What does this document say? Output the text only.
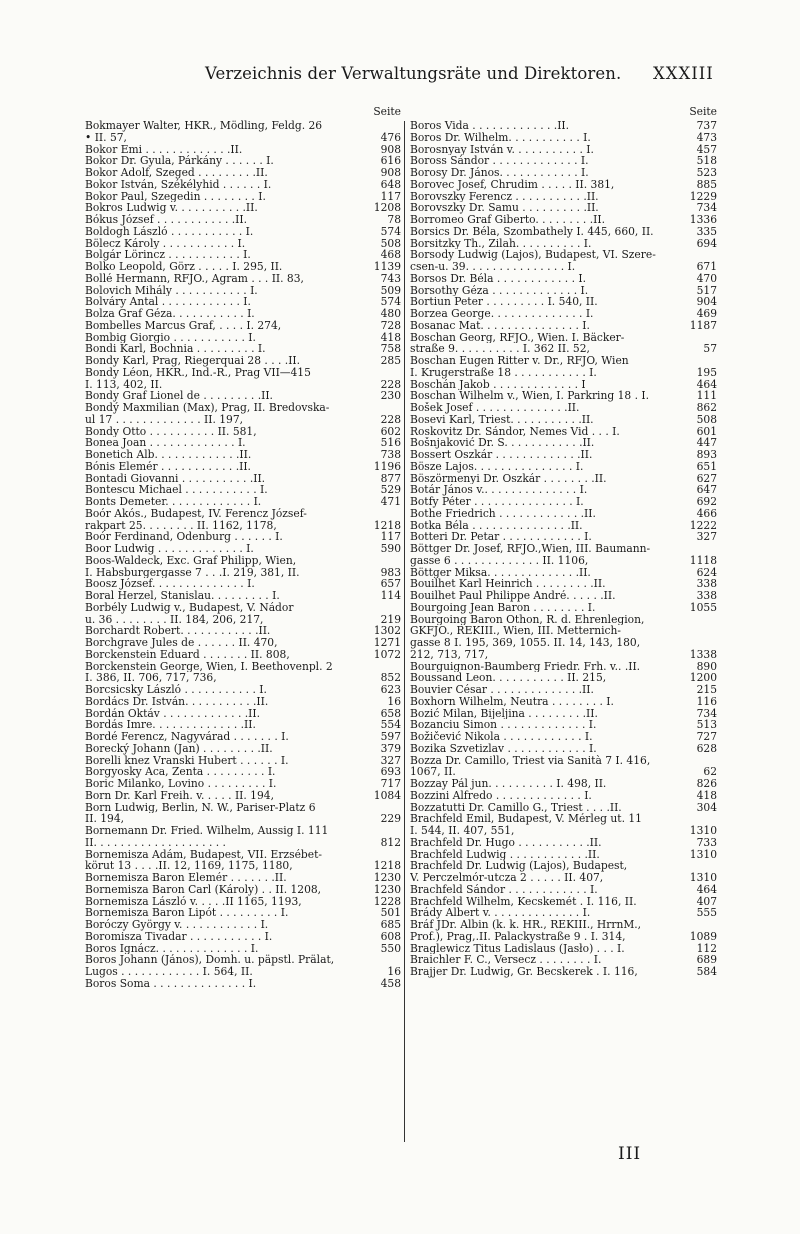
Verzeichnis der Verwaltungsräte und Direktoren. XXXIII
Seite
Bokmayer Walter, HKR., Mödling, Feldg. 26
• II. 57,	476
Bokor Emi . . . . . . . . . . . . .II.	908
Bokor Dr. Gyula, Párkány . . . . . . I.	616
Bokor Adolf, Szeged . . . . . . . . .II.	908
Bokor István, Székélyhid . . . . . . I.	648
Bokor Paul, Szegedin . . . . . . . . I.	117
Bokros Ludwig v. . . . . . . . . . .II.	1208
Bókus József . . . . . . . . . . . .II.	78
Boldogh László . . . . . . . . . . . I.	574
Bölecz Károly . . . . . . . . . . . I.	508
Bolgár Lörincz . . . . . . . . . . . I.	468
Bolko Leopold, Görz . . . . . I. 295, II.	1139
Bollé Hermann, RFJO., Agram . . . II. 83,	743
Bolovich Mihály . . . . . . . . . . . I.	509
Bolváry Antal . . . . . . . . . . . . I.	574
Bolza Graf Géza. . . . . . . . . . . I.	480
Bombelles Marcus Graf, . . . . I. 274,	728
Bombig Giorgio . . . . . . . . . . . I.	418
Bondi Karl, Bochnia . . . . . . . . . I.	758
Bondy Karl, Prag, Riegerquai 28 . . . .II.	285
Bondy Léon, HKR., Ind.-R., Prag VII—415
I. 113, 402, II.	228
Bondy Graf Lionel de . . . . . . . . .II.	230
Bondý Maxmilian (Max), Prag, II. Bredovska-
ul 17 . . . . . . . . . . . . . II. 197,	228
Bondy Otto . . . . . . . . . . II. 581,	602
Bonea Joan . . . . . . . . . . . . . I.	516
Bonetich Alb. . . . . . . . . . . . .II.	738
Bónis Elemér . . . . . . . . . . . .II.	1196
Bontadi Giovanni . . . . . . . . . . .II.	877
Bontescu Michael . . . . . . . . . . . I.	529
Bonts Demeter. . . . . . . . . . . . . I.	471
Boór Akós., Budapest, IV. Ferencz József-
rakpart 25. . . . . . . . II. 1162, 1178,	1218
Boór Ferdinand, Ödenburg . . . . . . I.	117
Boor Ludwig . . . . . . . . . . . . . I.	590
Boos-Waldeck, Exc. Graf Philipp, Wien,
I. Habsburgergasse 7 . . .I. 219, 381, II.	983
Boosz József. . . . . . . . . . . . . . I.	657
Boral Herzel, Stanislau. . . . . . . . . I.	114
Borbély Ludwig v., Budapest, V. Nádor
u. 36 . . . . . . . . II. 184, 206, 217,	219
Borchardt Robert. . . . . . . . . . . .II.	1302
Borchgrave Jules de . . . . . . II. 470,	1271
Borckenstein Eduard . . . . . . . II. 808,	1072
Borckenstein George, Wien, I. Beethovenpl. 2
I. 386, II. 706, 717, 736,	852
Borcsicsky László . . . . . . . . . . . I.	623
Bordács Dr. István. . . . . . . . . . .II.	16
Bordán Oktáv . . . . . . . . . . . . .II.	658
Bordás Imre. . . . . . . . . . . . . .II.	554
Bordé Ferencz, Nagyvárad . . . . . . . I.	597
Borecký Johann (Jan) . . . . . . . . .II.	379
Borelli knez Vranski Hubert . . . . . . I.	327
Borgyosky Aca, Zenta . . . . . . . . . I.	693
Boric Milanko, Lovino . . . . . . . . . I.	717
Born Dr. Karl Freih. v. . . . . II. 194,	1084
Born Ludwig, Berlin, N. W., Pariser-Platz 6
II. 194,	229
Bornemann Dr. Fried. Wilhelm, Aussig I. 111
II. . . . . . . . . . . . . . . . . . . .	812
Bornemisza Ádám, Budapest, VII. Erzsébet-
körut 13 . . . .II. 12, 1169, 1175, 1180,	1218
Bornemisza Baron Elemér . . . . . . .II.	1230
Bornemisza Baron Carl (Károly) . . II. 1208,	1230
Bornemisza László v. . . . .II 1165, 1193,	1228
Bornemisza Baron Lipót . . . . . . . . . I.	501
Boróczy György v. . . . . . . . . . . . I.	685
Boromisza Tivadar . . . . . . . . . . . I.	608
Boros Ignácz. . . . . . . . . . . . . . I.	550
Boros Johann (János), Domh. u. päpstl. Prälat,
Lugos . . . . . . . . . . . . I. 564, II.	16
Boros Soma . . . . . . . . . . . . . . I.	458
Seite
Boros Vida . . . . . . . . . . . . .II.	737
Boros Dr. Wilhelm. . . . . . . . . . . I.	473
Borosnyay István v. . . . . . . . . . . I.	457
Boross Sándor . . . . . . . . . . . . . I.	518
Borosy Dr. János. . . . . . . . . . . . I.	523
Borovec Josef, Chrudim . . . . . II. 381,	885
Borovszky Ferencz . . . . . . . . . . .II.	1229
Borovszky Dr. Samu . . . . . . . . . .II.	734
Borromeo Graf Giberto. . . . . . . . .II.	1336
Borsics Dr. Béla, Szombathely I. 445, 660, II.	335
Borsitzky Th., Zilah. . . . . . . . . . I.	694
Borsody Ludwig (Lajos), Budapest, VI. Szere-
csen-u. 39. . . . . . . . . . . . . . . I.	671
Borsos Dr. Béla . . . . . . . . . . . . I.	470
Borsothy Géza . . . . . . . . . . . . . I.	517
Bortiun Peter . . . . . . . . . I. 540, II.	904
Borzea George. . . . . . . . . . . . . . I.	469
Bosanac Mat. . . . . . . . . . . . . . . I.	1187
Boschan Georg, RFJO., Wien. I. Bäcker-
straße 9. . . . . . . . . . I. 362 II. 52,	57
Boschan Eugen Ritter v. Dr., RFJO, Wien
I. Krugerstraße 18 . . . . . . . . . . . I.	195
Boschán Jakob . . . . . . . . . . . . . I	464
Boschan Wilhelm v., Wien, I. Parkring 18 . I.	111
Bošek Josef . . . . . . . . . . . . . .II.	862
Bosevi Karl, Triest. . . . . . . . . . .II.	508
Roskovitz Dr. Sándor, Nemes Vid . . . I.	601
Bošnjaković Dr. S. . . . . . . . . . . .II.	447
Bossert Oszkár . . . . . . . . . . . . .II.	893
Bösze Lajos. . . . . . . . . . . . . . . I.	651
Böszörmenyi Dr. Oszkár . . . . . . . .II.	627
Botár János v.. . . . . . . . . . . . . . I.	647
Botfy Péter . . . . . . . . . . . . . . . I.	692
Bothe Friedrich . . . . . . . . . . . . .II.	466
Botka Béla . . . . . . . . . . . . . . .II.	1222
Botteri Dr. Petar . . . . . . . . . . . . I.	327
Böttger Dr. Josef, RFJO.,Wien, III. Baumann-
gasse 6 . . . . . . . . . . . . . II. 1106,	1118
Böttger Miksa. . . . . . . . . . . . . .II.	624
Bouilhet Karl Heinrich . . . . . . . . .II.	338
Bouilhet Paul Philippe André. . . . . .II.	338
Bourgoing Jean Baron . . . . . . . . I.	1055
Bourgoing Baron Othon, R. d. Ehrenlegion,
GKFJO., REKIII., Wien, III. Metternich-
gasse 8 I. 195, 369, 1055. II. 14, 143, 180,
212, 713, 717,	1338
Bourguignon-Baumberg Friedr. Frh. v.. .II.	890
Boussand Leon. . . . . . . . . . . II. 215,	1200
Bouvier César . . . . . . . . . . . . . .II.	215
Boxhorn Wilhelm, Neutra . . . . . . . . I.	116
Bozić Milan, Bijeljina . . . . . . . . .II.	734
Bozanciu Simon . . . . . . . . . . . . . I.	513
Božičević Nikola . . . . . . . . . . . . I.	727
Bozika Szvetizlav . . . . . . . . . . . . I.	628
Bozza Dr. Camillo, Triest via Sanità 7 I. 416,
1067, II.	62
Bozzay Pál jun. . . . . . . . . . I. 498, II.	826
Bozzini Alfredo . . . . . . . . . . . . . I.	418
Bozzatutti Dr. Camillo G., Triest . . . .II.	304
Brachfeld Emil, Budapest, V. Mérleg ut. 11
I. 544, II. 407, 551,	1310
Brachfeld Dr. Hugo . . . . . . . . . . .II.	733
Brachfeld Ludwig . . . . . . . . . . . .II.	1310
Brachfeld Dr. Ludwig (Lajos), Budapest,
V. Perczelmór-utcza 2 . . . . . II. 407,	1310
Brachfeld Sándor . . . . . . . . . . . . I.	464
Brachfeld Wilhelm, Kecskemét . I. 116, II.	407
Brády Albert v. . . . . . . . . . . . . . I.	555
Bráf JDr. Albin (k. k. HR., REKIII., HrrnM.,
Prof.), Prag,.II. Palackystraße 9 . I. 314,	1089
Braglewicz Titus Ladislaus (Jasło) . . . I.	112
Braichler F. C., Versecz . . . . . . . . I.	689
Brajjer Dr. Ludwig, Gr. Becskerek . I. 116,	584
III
